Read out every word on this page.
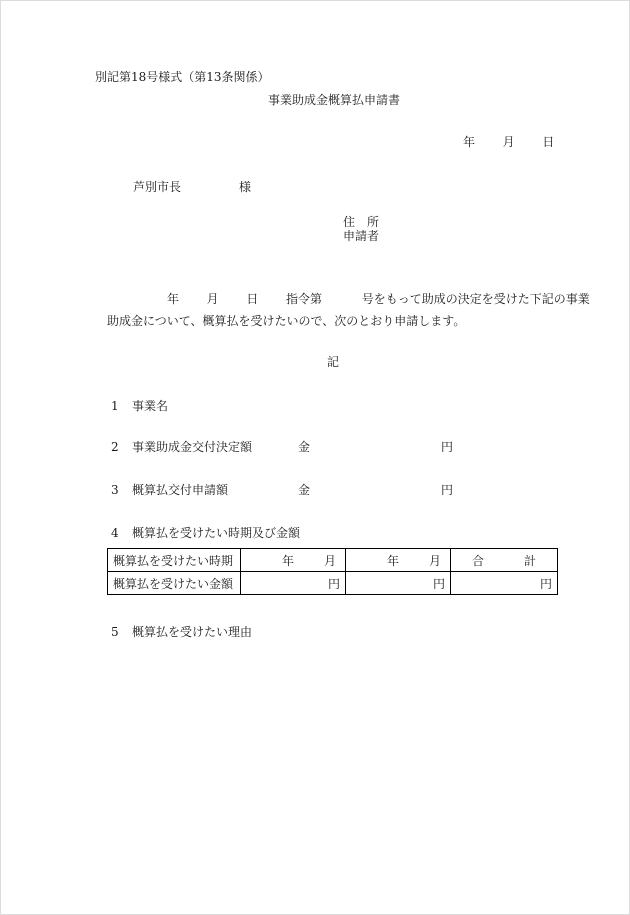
別記第18号様式（第13条関係）
事業助成金概算払申請書
年 月 日
芦別市長	様
住　所
申請者
年 月 日 指令第	号をもって助成の決定を受けた下記の事業
助成金について、概算払を受けたいので、次のとおり申請します。
記
1 事業名
2 事業助成金交付決定額	金	円
3 概算払交付申請額	金	円
4 概算払を受けたい時期及び金額
概算払を受けたい時期	年 月	年 月	合 計

概算払を受けたい金額	円	円	円
5 概算払を受けたい理由
